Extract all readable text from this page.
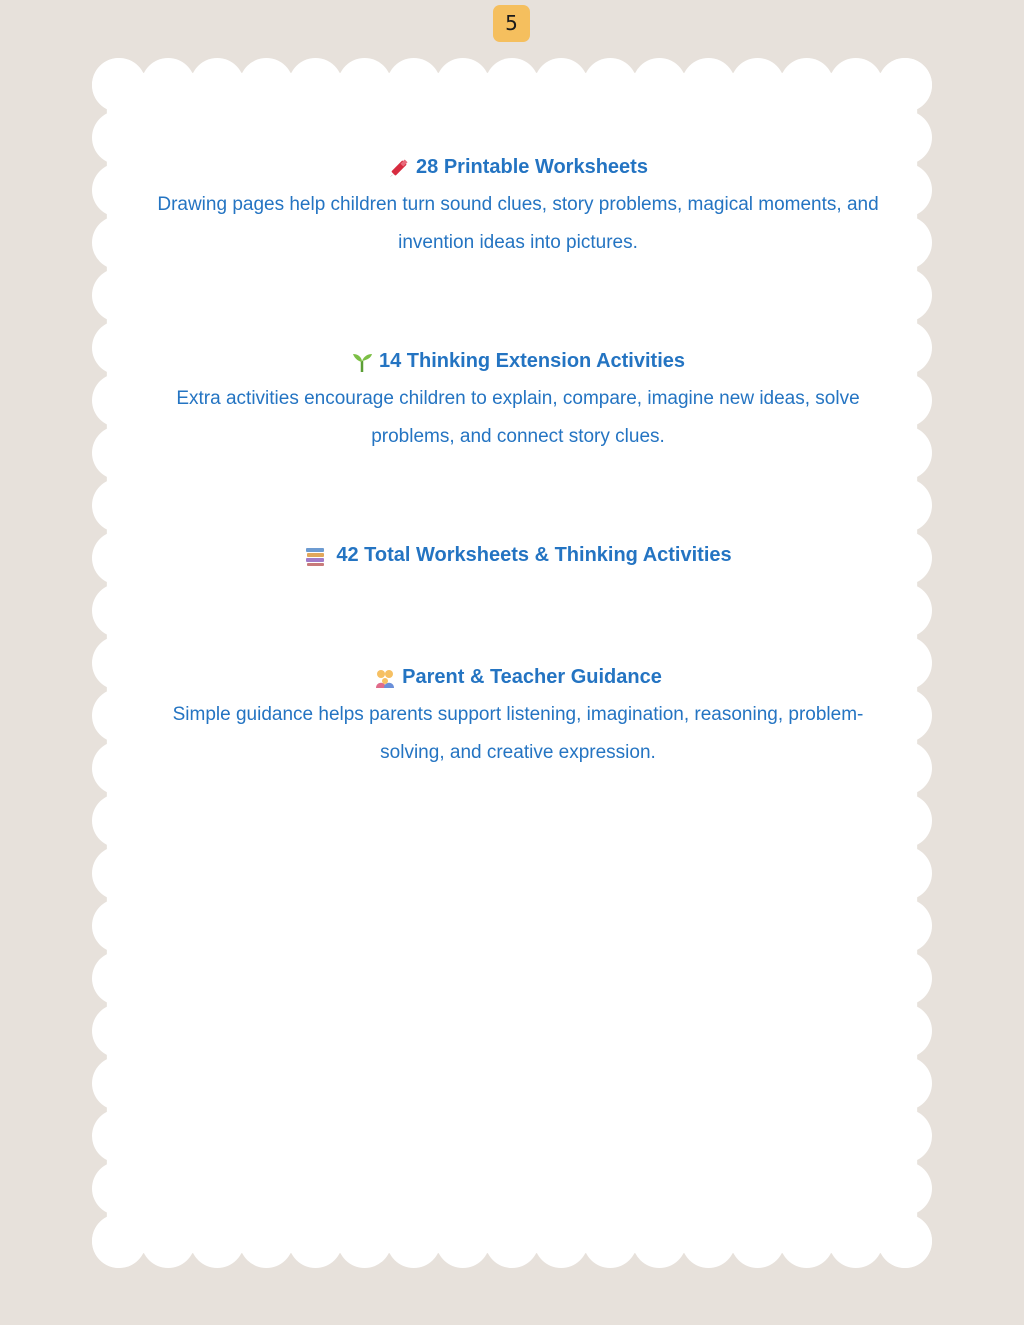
5
28 Printable Worksheets
Drawing pages help children turn sound clues, story problems, magical moments, and invention ideas into pictures.
14 Thinking Extension Activities
Extra activities encourage children to explain, compare, imagine new ideas, solve problems, and connect story clues.
42 Total Worksheets & Thinking Activities
Parent & Teacher Guidance
Simple guidance helps parents support listening, imagination, reasoning, problem-solving, and creative expression.
